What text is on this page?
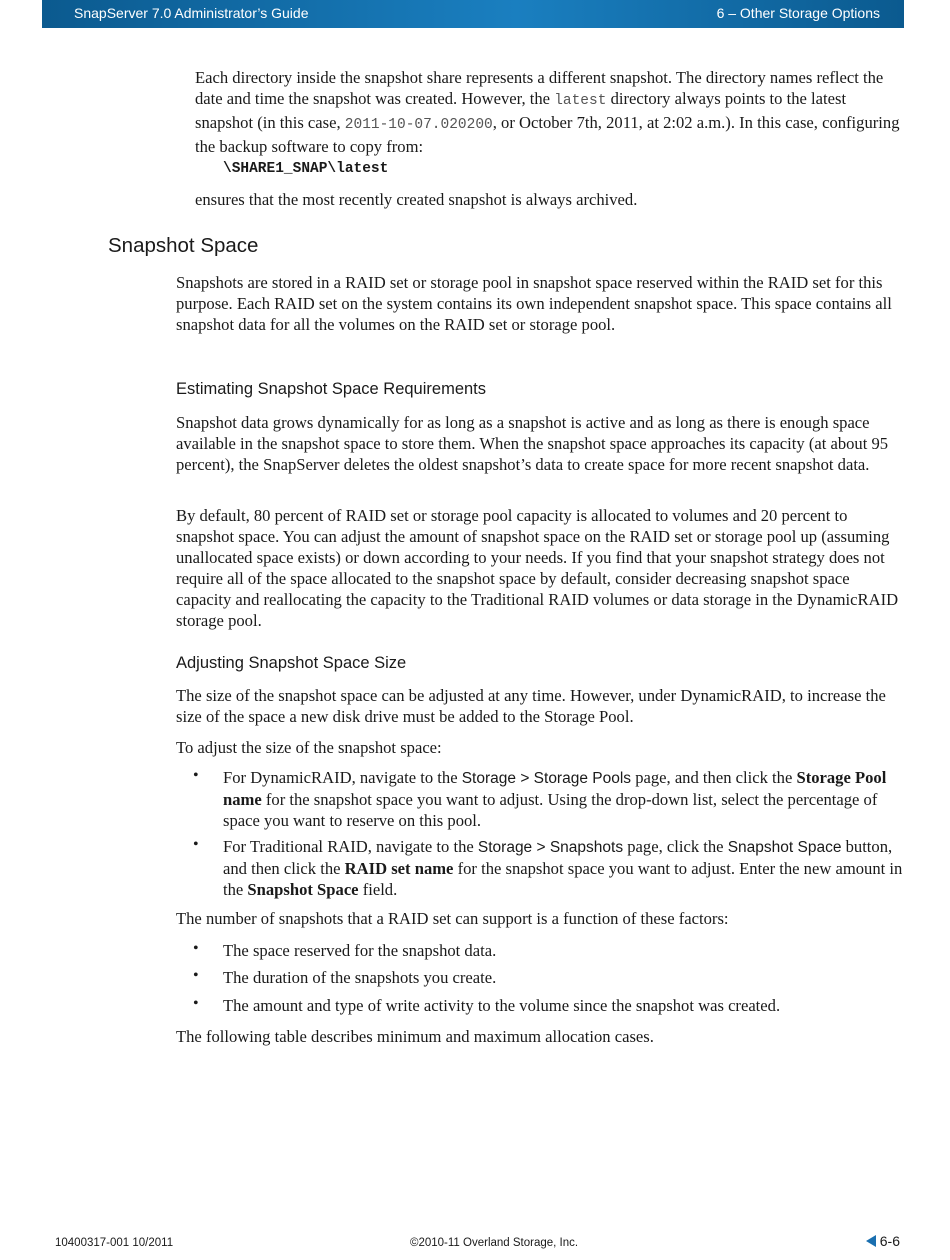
SnapServer 7.0 Administrator’s Guide	6 – Other Storage Options

Each directory inside the snapshot share represents a different snapshot. The directory names reflect the date and time the snapshot was created. However, the latest directory always points to the latest snapshot (in this case, 2011-10-07.020200, or October 7th, 2011, at 2:02 a.m.). In this case, configuring the backup software to copy from:

\SHARE1_SNAP\latest

ensures that the most recently created snapshot is always archived.

Snapshot Space

Snapshots are stored in a RAID set or storage pool in snapshot space reserved within the RAID set for this purpose. Each RAID set on the system contains its own independent snapshot space. This space contains all snapshot data for all the volumes on the RAID set or storage pool.

Estimating Snapshot Space Requirements

Snapshot data grows dynamically for as long as a snapshot is active and as long as there is enough space available in the snapshot space to store them. When the snapshot space approaches its capacity (at about 95 percent), the SnapServer deletes the oldest snapshot’s data to create space for more recent snapshot data.

By default, 80 percent of RAID set or storage pool capacity is allocated to volumes and 20 percent to snapshot space. You can adjust the amount of snapshot space on the RAID set or storage pool up (assuming unallocated space exists) or down according to your needs. If you find that your snapshot strategy does not require all of the space allocated to the snapshot space by default, consider decreasing snapshot space capacity and reallocating the capacity to the Traditional RAID volumes or data storage in the DynamicRAID storage pool.

Adjusting Snapshot Space Size

The size of the snapshot space can be adjusted at any time. However, under DynamicRAID, to increase the size of the space a new disk drive must be added to the Storage Pool.

To adjust the size of the snapshot space:

• For DynamicRAID, navigate to the Storage > Storage Pools page, and then click the Storage Pool name for the snapshot space you want to adjust. Using the drop-down list, select the percentage of space you want to reserve on this pool.
• For Traditional RAID, navigate to the Storage > Snapshots page, click the Snapshot Space button, and then click the RAID set name for the snapshot space you want to adjust. Enter the new amount in the Snapshot Space field.

The number of snapshots that a RAID set can support is a function of these factors:

• The space reserved for the snapshot data.
• The duration of the snapshots you create.
• The amount and type of write activity to the volume since the snapshot was created.

The following table describes minimum and maximum allocation cases.

10400317-001 10/2011	©2010-11 Overland Storage, Inc.	6-6
